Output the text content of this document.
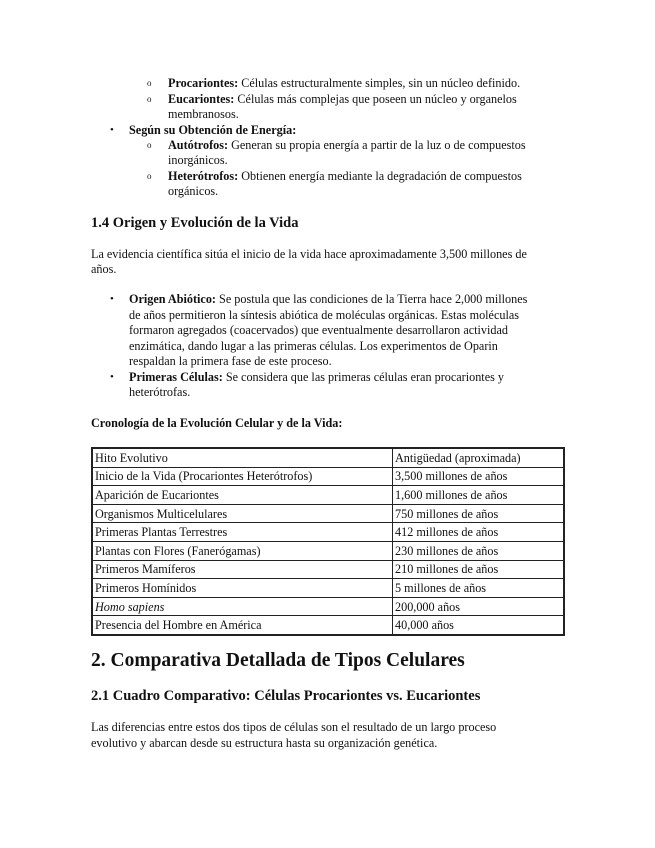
o Procariontes: Células estructuralmente simples, sin un núcleo definido.
o Eucariontes: Células más complejas que poseen un núcleo y organelos
membranosos.
• Según su Obtención de Energía:
o Autótrofos: Generan su propia energía a partir de la luz o de compuestos
inorgánicos.
o Heterótrofos: Obtienen energía mediante la degradación de compuestos
orgánicos.
1.4 Origen y Evolución de la Vida
La evidencia científica sitúa el inicio de la vida hace aproximadamente 3,500 millones de
años.
• Origen Abiótico: Se postula que las condiciones de la Tierra hace 2,000 millones
de años permitieron la síntesis abiótica de moléculas orgánicas. Estas moléculas
formaron agregados (coacervados) que eventualmente desarrollaron actividad
enzimática, dando lugar a las primeras células. Los experimentos de Oparin
respaldan la primera fase de este proceso.
• Primeras Células: Se considera que las primeras células eran procariontes y
heterótrofas.
Cronología de la Evolución Celular y de la Vida:
Hito Evolutivo	Antigüedad (aproximada)
Inicio de la Vida (Procariontes Heterótrofos)	3,500 millones de años
Aparición de Eucariontes	1,600 millones de años
Organismos Multicelulares	750 millones de años
Primeras Plantas Terrestres	412 millones de años
Plantas con Flores (Fanerógamas)	230 millones de años
Primeros Mamíferos	210 millones de años
Primeros Homínidos	5 millones de años
Homo sapiens	200,000 años
Presencia del Hombre en América	40,000 años
2. Comparativa Detallada de Tipos Celulares
2.1 Cuadro Comparativo: Células Procariontes vs. Eucariontes
Las diferencias entre estos dos tipos de células son el resultado de un largo proceso
evolutivo y abarcan desde su estructura hasta su organización genética.
